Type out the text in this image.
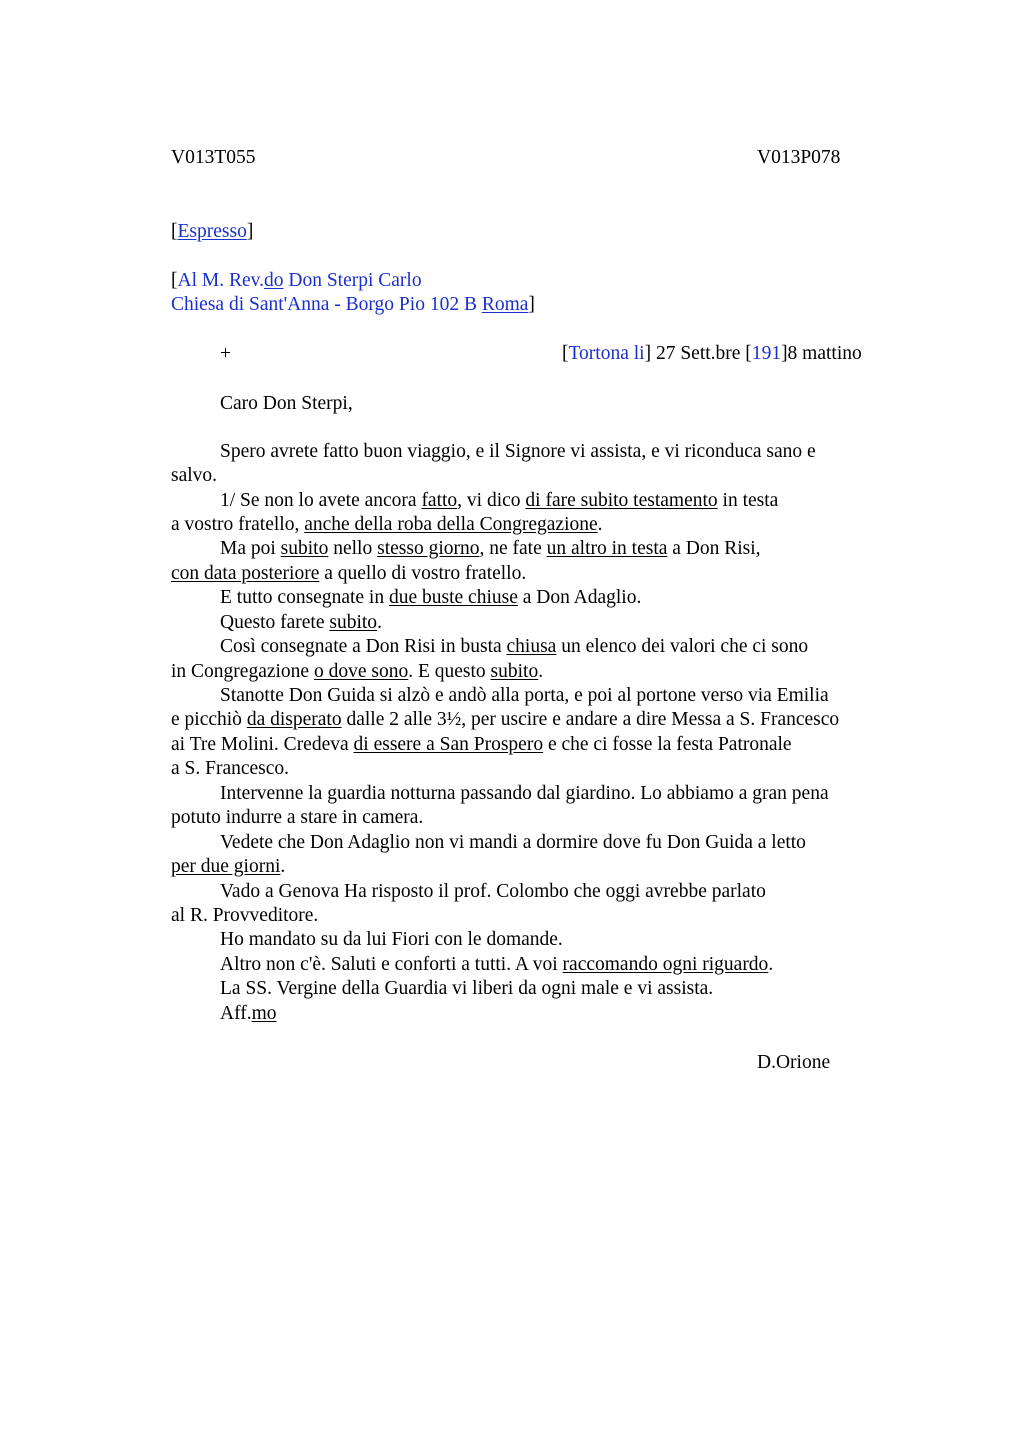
V013T055	V013P078
[Espresso]
[Al M. Rev.do Don Sterpi Carlo
Chiesa di Sant'Anna - Borgo Pio 102 B Roma]
+	[Tortona li] 27 Sett.bre [191]8 mattino
Caro Don Sterpi,
Spero avrete fatto buon viaggio, e il Signore vi assista, e vi riconduca sano e
salvo.
1/ Se non lo avete ancora fatto, vi dico di fare subito testamento in testa
a vostro fratello, anche della roba della Congregazione.
Ma poi subito nello stesso giorno, ne fate un altro in testa a Don Risi,
con data posteriore a quello di vostro fratello.
E tutto consegnate in due buste chiuse a Don Adaglio.
Questo farete subito.
Così consegnate a Don Risi in busta chiusa un elenco dei valori che ci sono
in Congregazione o dove sono. E questo subito.
Stanotte Don Guida si alzò e andò alla porta, e poi al portone verso via Emilia
e picchiò da disperato dalle 2 alle 3½, per uscire e andare a dire Messa a S. Francesco
ai Tre Molini. Credeva di essere a San Prospero e che ci fosse la festa Patronale
a S. Francesco.
Intervenne la guardia notturna passando dal giardino. Lo abbiamo a gran pena
potuto indurre a stare in camera.
Vedete che Don Adaglio non vi mandi a dormire dove fu Don Guida a letto
per due giorni.
Vado a Genova Ha risposto il prof. Colombo che oggi avrebbe parlato
al R. Provveditore.
Ho mandato su da lui Fiori con le domande.
Altro non c'è. Saluti e conforti a tutti. A voi raccomando ogni riguardo.
La SS. Vergine della Guardia vi liberi da ogni male e vi assista.
Aff.mo
D.Orione
